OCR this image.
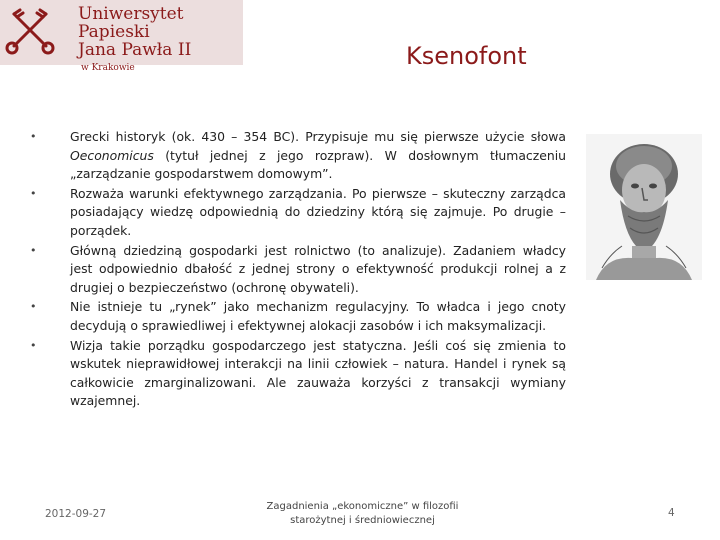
Uniwersytet Papieski
Jana Pawła II
w Krakowie	Ksenofont
•	Grecki historyk (ok. 430 – 354 BC). Przypisuje mu się pierwsze użycie słowa Oeconomicus (tytuł jednej z jego rozpraw). W dosłownym tłumaczeniu „zarządzanie gospodarstwem domowym”.
•	Rozważa warunki efektywnego zarządzania. Po pierwsze – skuteczny zarządca posiadający wiedzę odpowiednią do dziedziny którą się zajmuje. Po drugie – porządek.
•	Główną dziedziną gospodarki jest rolnictwo (to analizuje). Zadaniem władcy jest odpowiednio dbałość z jednej strony o efektywność produkcji rolnej a z drugiej o bezpieczeństwo (ochronę obywateli).
•	Nie istnieje tu „rynek” jako mechanizm regulacyjny. To władca i jego cnoty decydują o sprawiedliwej i efektywnej alokacji zasobów i ich maksymalizacji.
•	Wizja takie porządku gospodarczego jest statyczna. Jeśli coś się zmienia to wskutek nieprawidłowej interakcji na linii człowiek – natura. Handel i rynek są całkowicie zmarginalizowani. Ale zauważa korzyści z transakcji wymiany wzajemnej.
2012-09-27
Zagadnienia „ekonomiczne” w filozofii
starożytnej i średniowiecznej
4
